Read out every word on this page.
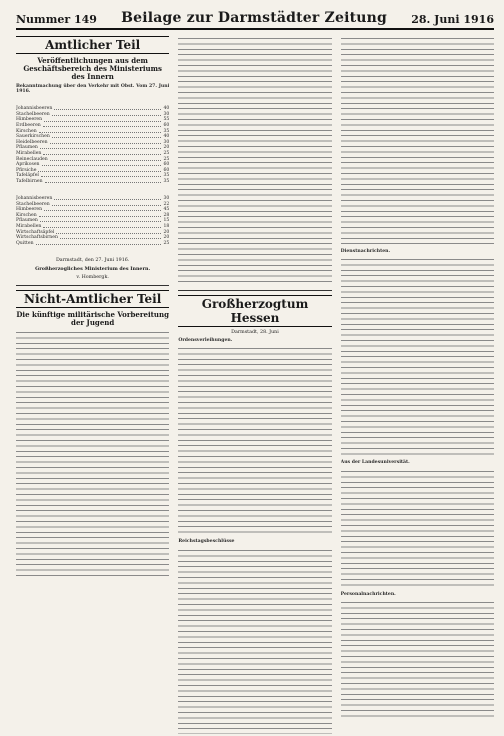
Nummer 149 Beilage zur Darmstädter Zeitung 28. Juni 1916
Amtlicher Teil
Veröffentlichungen aus dem Geschäftsbereich des Ministeriums des Innern
Bekanntmachung über den Verkehr mit Obst. Vom 27. Juni 1916.

Johannisbeeren	40
Stachelbeeren	30
Himbeeren	55
Erdbeeren	60
Kirschen	35
Sauerkirschen	40
Heidelbeeren	30
Pflaumen	20
Mirabellen	25
Reineclauden	25
Aprikosen	60
Pfirsiche	60
Tafeläpfel	35
Tafelbirnen	35

Johannisbeeren	30
Stachelbeeren	22
Himbeeren	45
Kirschen	28
Pflaumen	15
Mirabellen	18
Wirtschaftsäpfel	20
Wirtschaftsbirnen	20
Quitten	25

Darmstadt, den 27. Juni 1916.
Großherzogliches Ministerium des Innern.
v. Hombergk.
Nicht-Amtlicher Teil
Die künftige militärische Vorbereitung der Jugend
Großherzogtum Hessen
Darmstadt, 28. Juni
Ordensverleihungen.
Reichstagsbeschlüsse
Dienstnachrichten.
Aus der Landesuniversität.
Personalnachrichten.
